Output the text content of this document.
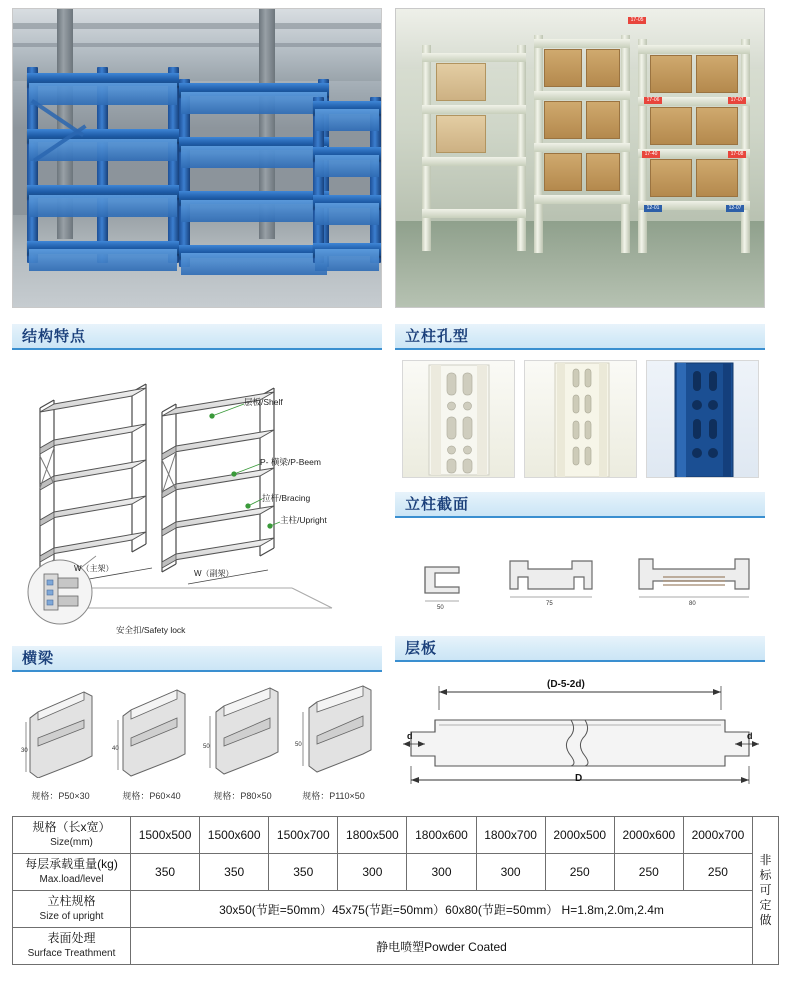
17-05
17-06	17-07
17-40
12-01	12-07
17-08
结构特点
层板/Shelf
P- 横梁/P-Beem
拉杆/Bracing
主柱/Upright
安全扣/Safety lock
W（主架）
W（副架）
横梁
30
规格：P50×30
40
规格：P60×40
50
规格：P80×50
50
规格：P110×50
立柱孔型
立柱截面
50
75	80
层板
(D-5-2d)
D
d	d
规格（长x宽）
Size(mm)
	1500x500	1500x600	1500x700	1800x500	1800x600	1800x700	2000x500	2000x600	2000x700	
非
标
可
定
做

每层承载重量(kg)
Max.load/level	350	350	350	300	300	300	250	250	250	

立柱规格
Size of upright	30x50(节距=50mm）45x75(节距=50mm）60x80(节距=50mm） H=1.8m,2.0m,2.4m									

表面处理
Surface Treathment	静电喷塑Powder Coated									
